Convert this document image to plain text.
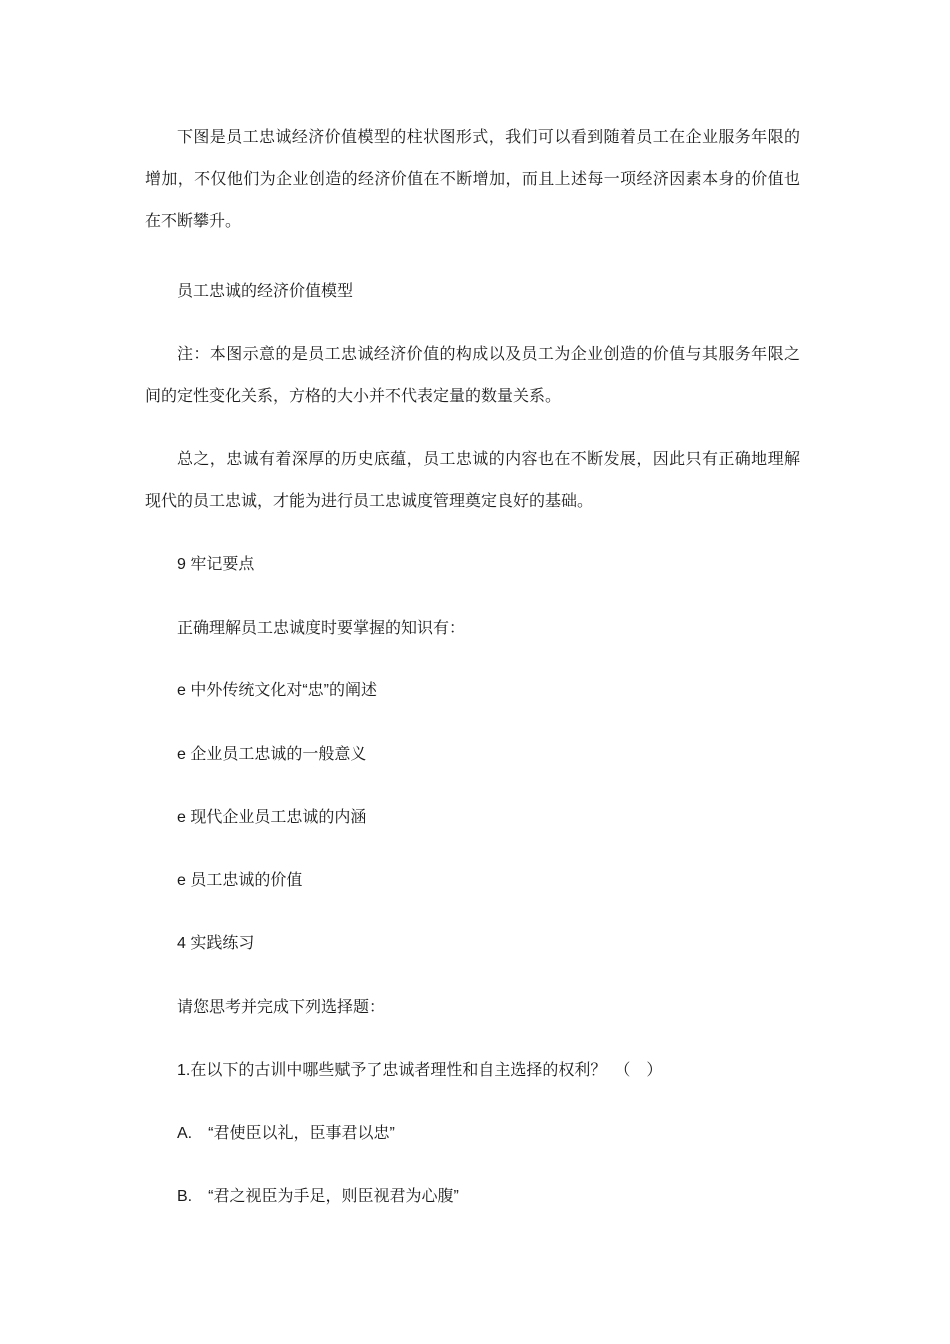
下图是员工忠诚经济价值模型的柱状图形式，我们可以看到随着员工在企业服务年限的增加，不仅他们为企业创造的经济价值在不断增加，而且上述每一项经济因素本身的价值也在不断攀升。

员工忠诚的经济价值模型

注：本图示意的是员工忠诚经济价值的构成以及员工为企业创造的价值与其服务年限之间的定性变化关系，方格的大小并不代表定量的数量关系。

总之，忠诚有着深厚的历史底蕴，员工忠诚的内容也在不断发展，因此只有正确地理解现代的员工忠诚，才能为进行员工忠诚度管理奠定良好的基础。

9 牢记要点

正确理解员工忠诚度时要掌握的知识有：

e 中外传统文化对“忠”的阐述

e 企业员工忠诚的一般意义

e 现代企业员工忠诚的内涵

e 员工忠诚的价值

4 实践练习

请您思考并完成下列选择题：

1.在以下的古训中哪些赋予了忠诚者理性和自主选择的权利？　（　）

A.　“君使臣以礼，臣事君以忠”

B.　“君之视臣为手足，则臣视君为心腹”
